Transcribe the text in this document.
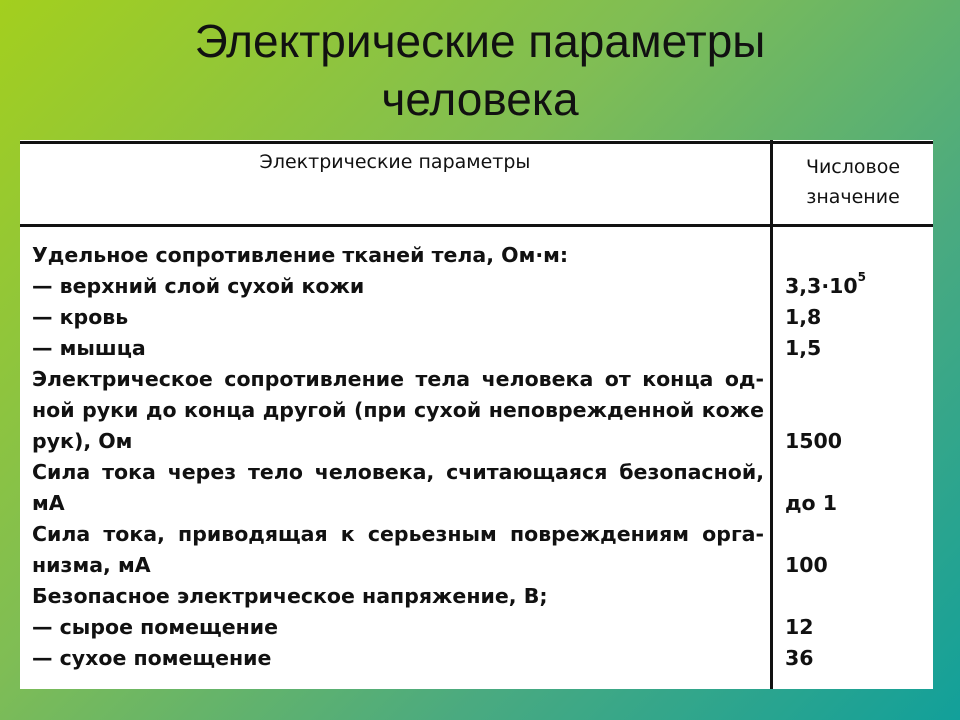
Электрические параметры
человека
Электрические параметры	Числовое
значение
Удельное сопротивление тканей тела, Ом·м:
— верхний слой сухой кожи
— кровь
— мышца
Электрическое сопротивление тела человека от конца од-
ной руки до конца другой (при сухой неповрежденной коже
рук), Ом
Сила тока через тело человека, считающаяся безопасной,
мА
Сила тока, приводящая к серьезным повреждениям орга-
низма, мА
Безопасное электрическое напряжение, В;
— сырое помещение
— сухое помещение
$3,3\cdot 10^5$
1,8
1,5
1500
до 1
100
12
36
